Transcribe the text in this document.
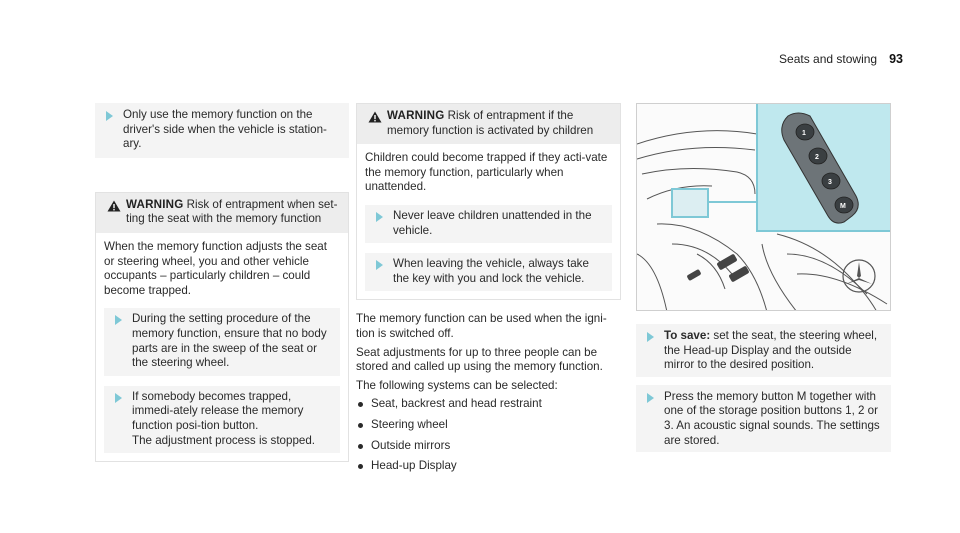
Seats and stowing 93
Only use the memory function on the driver's side when the vehicle is station-ary.
WARNING Risk of entrapment when set-ting the seat with the memory function
When the memory function adjusts the seat or steering wheel, you and other vehicle occupants – particularly children – could become trapped.
During the setting procedure of the memory function, ensure that no body parts are in the sweep of the seat or the steering wheel.
If somebody becomes trapped, immedi-ately release the memory function posi-tion button.
The adjustment process is stopped.
WARNING Risk of entrapment if the memory function is activated by children
Children could become trapped if they acti-vate the memory function, particularly when unattended.
Never leave children unattended in the vehicle.
When leaving the vehicle, always take the key with you and lock the vehicle.

The memory function can be used when the igni-tion is switched off.

Seat adjustments for up to three people can be stored and called up using the memory function.

The following systems can be selected:

Seat, backrest and head restraint
Steering wheel
Outside mirrors
Head-up Display
1
2
3
M
To save: set the seat, the steering wheel, the Head-up Display and the outside mirror to the desired position.
Press the memory button M together with one of the storage position buttons 1, 2 or 3. An acoustic signal sounds. The settings are stored.
